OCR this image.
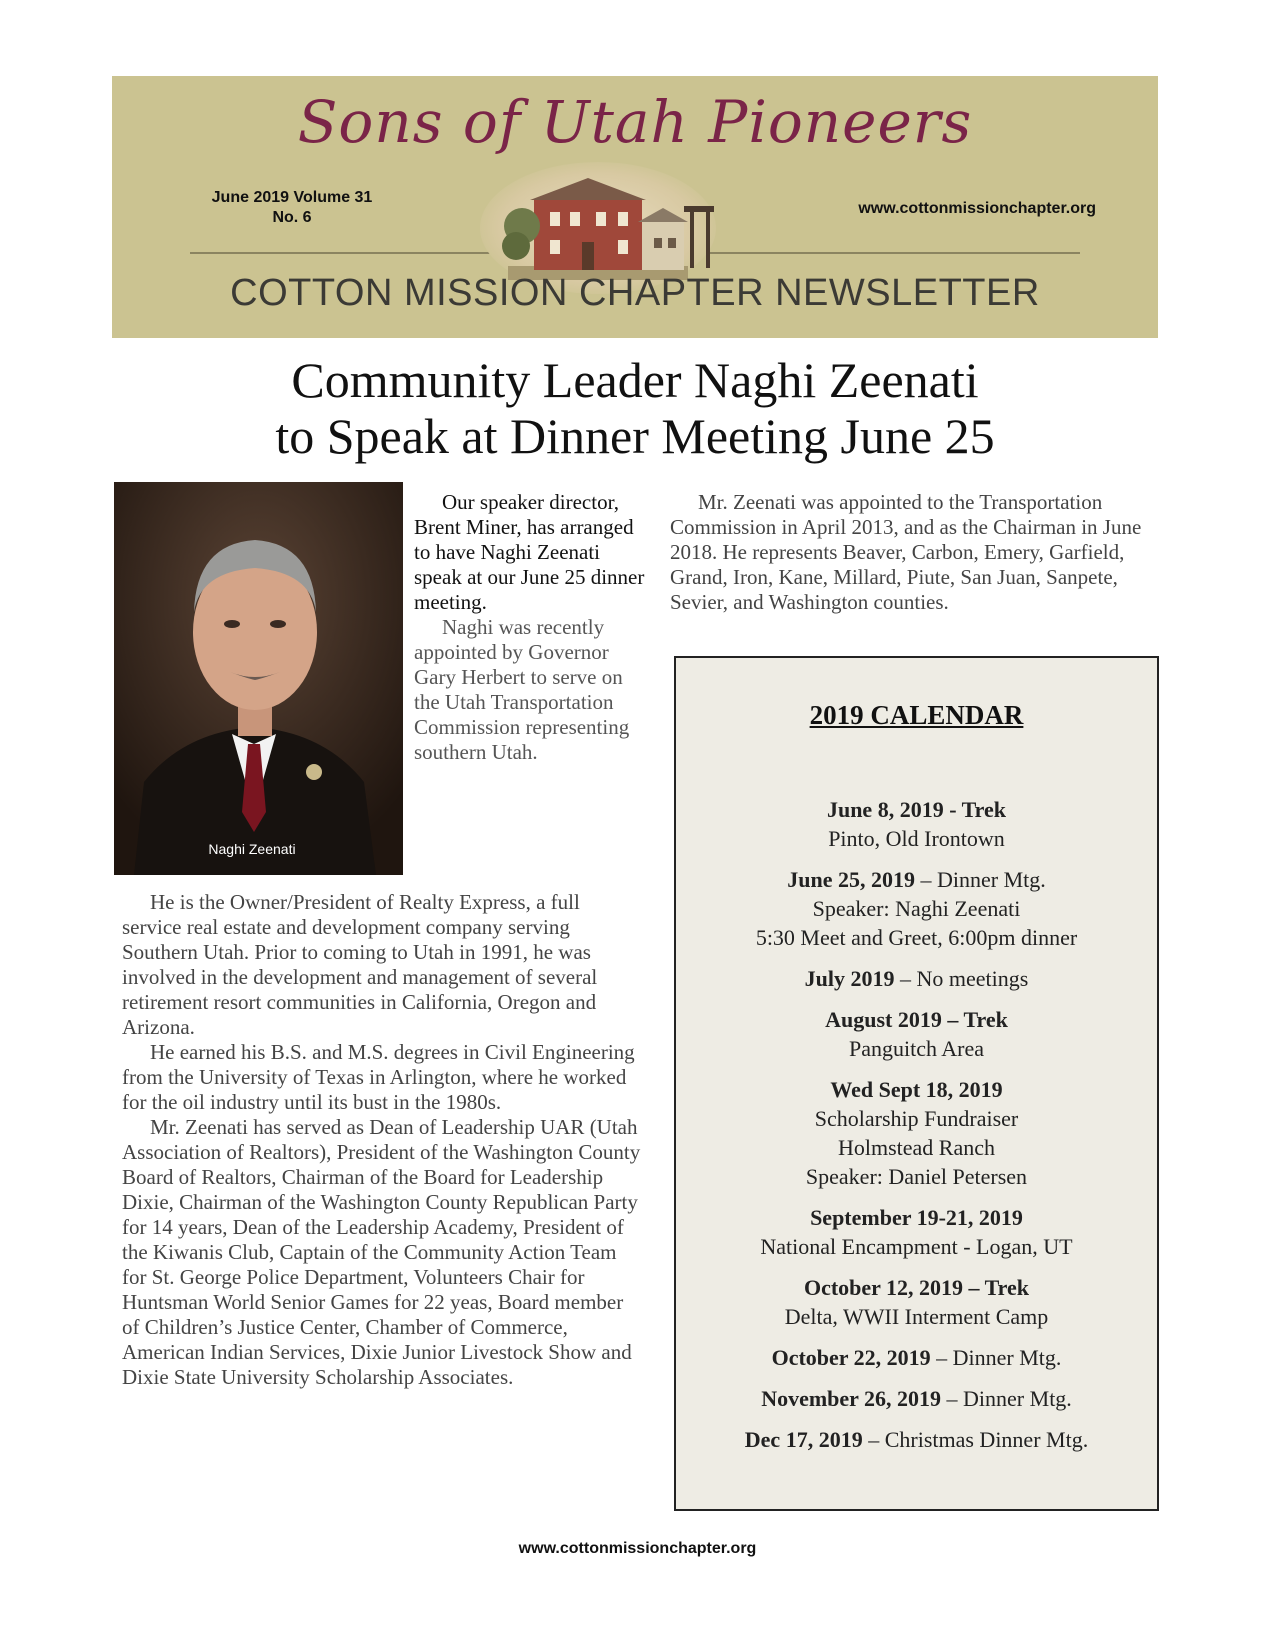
Sons of Utah Pioneers
June 2019 Volume 31 No. 6
www.cottonmissionchapter.org
COTTON MISSION CHAPTER NEWSLETTER
Community Leader Naghi Zeenati
to Speak at Dinner Meeting June 25
Naghi Zeenati

Our speaker director, Brent Miner, has arranged to have Naghi Zeenati speak at our June 25 dinner meeting.

Naghi was recently appointed by Governor Gary Herbert to serve on the Utah Transportation Commission representing southern Utah.

He is the Owner/President of Realty Express, a full service real estate and development company serving Southern Utah. Prior to coming to Utah in 1991, he was involved in the development and management of several retirement resort communities in California, Oregon and Arizona.

He earned his B.S. and M.S. degrees in Civil Engineering from the University of Texas in Arlington, where he worked for the oil industry until its bust in the 1980s.

Mr. Zeenati has served as Dean of Leadership UAR (Utah Association of Realtors), President of the Washington County Board of Realtors, Chairman of the Board for Leadership Dixie, Chairman of the Washington County Republican Party for 14 years, Dean of the Leadership Academy, President of the Kiwanis Club, Captain of the Community Action Team for St. George Police Department, Volunteers Chair for Huntsman World Senior Games for 22 yeas, Board member of Children’s Justice Center, Chamber of Commerce, American Indian Services, Dixie Junior Livestock Show and Dixie State University Scholarship Associates.

Mr. Zeenati was appointed to the Transportation Commission in April 2013, and as the Chairman in June 2018. He represents Beaver, Carbon, Emery, Garfield, Grand, Iron, Kane, Millard, Piute, San Juan, Sanpete, Sevier, and Washington counties.

2019 CALENDAR
June 8, 2019 - Trek
Pinto, Old Irontown
June 25, 2019 – Dinner Mtg.
Speaker: Naghi Zeenati
5:30 Meet and Greet, 6:00pm dinner
July 2019 – No meetings
August 2019 – Trek
Panguitch Area
Wed Sept 18, 2019
Scholarship Fundraiser
Holmstead Ranch
Speaker: Daniel Petersen
September 19-21, 2019
National Encampment - Logan, UT
October 12, 2019 – Trek
Delta, WWII Interment Camp
October 22, 2019 – Dinner Mtg.
November 26, 2019 – Dinner Mtg.
Dec 17, 2019 – Christmas Dinner Mtg.
www.cottonmissionchapter.org
